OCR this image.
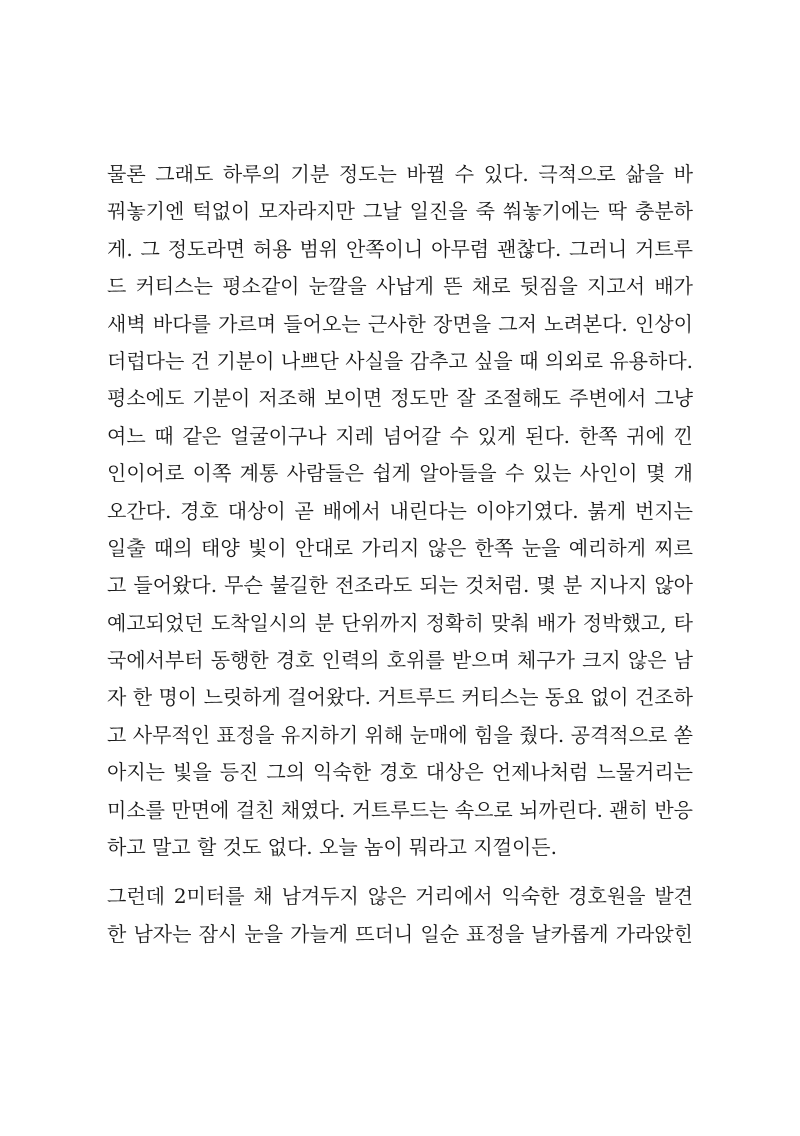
물론 그래도 하루의 기분 정도는 바뀔 수 있다. 극적으로 삶을 바
꿔놓기엔 턱없이 모자라지만 그날 일진을 죽 쒀놓기에는 딱 충분하
게. 그 정도라면 허용 범위 안쪽이니 아무렴 괜찮다. 그러니 거트루
드 커티스는 평소같이 눈깔을 사납게 뜬 채로 뒷짐을 지고서 배가
새벽 바다를 가르며 들어오는 근사한 장면을 그저 노려본다. 인상이
더럽다는 건 기분이 나쁘단 사실을 감추고 싶을 때 의외로 유용하다.
평소에도 기분이 저조해 보이면 정도만 잘 조절해도 주변에서 그냥
여느 때 같은 얼굴이구나 지레 넘어갈 수 있게 된다. 한쪽 귀에 낀
인이어로 이쪽 계통 사람들은 쉽게 알아들을 수 있는 사인이 몇 개
오간다. 경호 대상이 곧 배에서 내린다는 이야기였다. 붉게 번지는
일출 때의 태양 빛이 안대로 가리지 않은 한쪽 눈을 예리하게 찌르
고 들어왔다. 무슨 불길한 전조라도 되는 것처럼. 몇 분 지나지 않아
예고되었던 도착일시의 분 단위까지 정확히 맞춰 배가 정박했고, 타
국에서부터 동행한 경호 인력의 호위를 받으며 체구가 크지 않은 남
자 한 명이 느릿하게 걸어왔다. 거트루드 커티스는 동요 없이 건조하
고 사무적인 표정을 유지하기 위해 눈매에 힘을 줬다. 공격적으로 쏟
아지는 빛을 등진 그의 익숙한 경호 대상은 언제나처럼 느물거리는
미소를 만면에 걸친 채였다. 거트루드는 속으로 뇌까린다. 괜히 반응
하고 말고 할 것도 없다. 오늘 놈이 뭐라고 지껄이든.
그런데 2미터를 채 남겨두지 않은 거리에서 익숙한 경호원을 발견
한 남자는 잠시 눈을 가늘게 뜨더니 일순 표정을 날카롭게 가라앉힌
